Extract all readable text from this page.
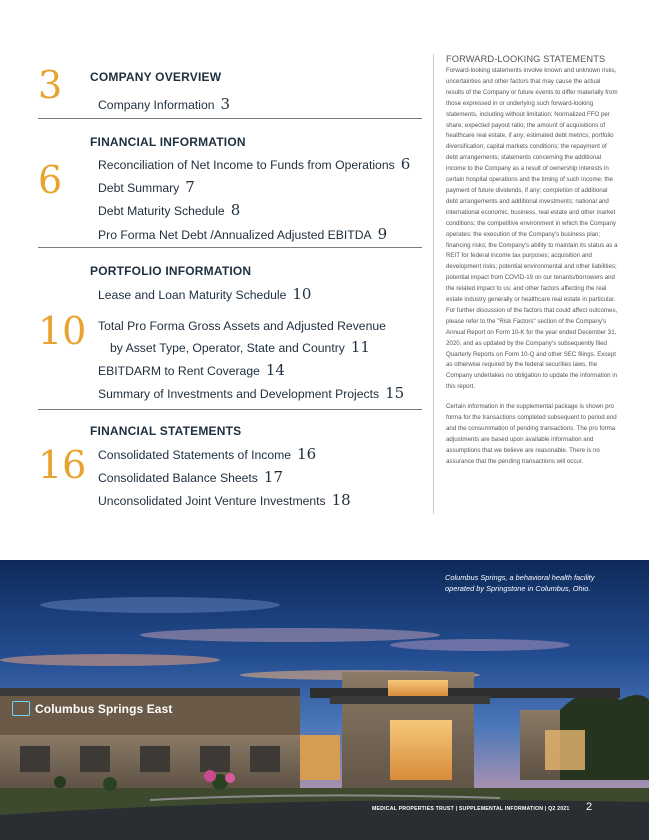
3 COMPANY OVERVIEW
Company Information 3
6
FINANCIAL INFORMATION
Reconciliation of Net Income to Funds from Operations 6
Debt Summary 7
Debt Maturity Schedule 8
Pro Forma Net Debt /Annualized Adjusted EBITDA 9
10
PORTFOLIO INFORMATION
Lease and Loan Maturity Schedule 10
Total Pro Forma Gross Assets and Adjusted Revenue
by Asset Type, Operator, State and Country 11
EBITDARM to Rent Coverage 14
Summary of Investments and Development Projects 15
16
FINANCIAL STATEMENTS
Consolidated Statements of Income 16
Consolidated Balance Sheets 17
Unconsolidated Joint Venture Investments 18
FORWARD-LOOKING STATEMENTS

Forward-looking statements involve known and unknown risks, uncertainties and other factors that may cause the actual results of the Company or future events to differ materially from those expressed in or underlying such forward-looking statements, including without limitation: Normalized FFO per share; expected payout ratio; the amount of acquisitions of healthcare real estate, if any; estimated debt metrics; portfolio diversification; capital markets conditions; the repayment of debt arrangements; statements concerning the additional income to the Company as a result of ownership interests in certain hospital operations and the timing of such income; the payment of future dividends, if any; completion of additional debt arrangements and additional investments; national and international economic, business, real estate and other market conditions; the competitive environment in which the Company operates; the execution of the Company's business plan; financing risks; the Company's ability to maintain its status as a REIT for federal income tax purposes; acquisition and development risks; potential environmental and other liabilities; potential impact from COVID-19 on our tenants/borrowers and the related impact to us; and other factors affecting the real estate industry generally or healthcare real estate in particular. For further discussion of the factors that could affect outcomes, please refer to the "Risk Factors" section of the Company's Annual Report on Form 10-K for the year ended December 31, 2020, and as updated by the Company's subsequently filed Quarterly Reports on Form 10-Q and other SEC filings. Except as otherwise required by the federal securities laws, the Company undertakes no obligation to update the information in this report.

Certain information in the supplemental package is shown pro forma for the transactions completed subsequent to period end and the consummation of pending transactions. The pro forma adjustments are based upon available information and assumptions that we believe are reasonable. There is no assurance that the pending transactions will occur.

Columbus Springs East
Columbus Springs, a behavioral health facility operated by Springstone in Columbus, Ohio.
MEDICAL PROPERTIES TRUST | SUPPLEMENTAL INFORMATION | Q2 2021 2
